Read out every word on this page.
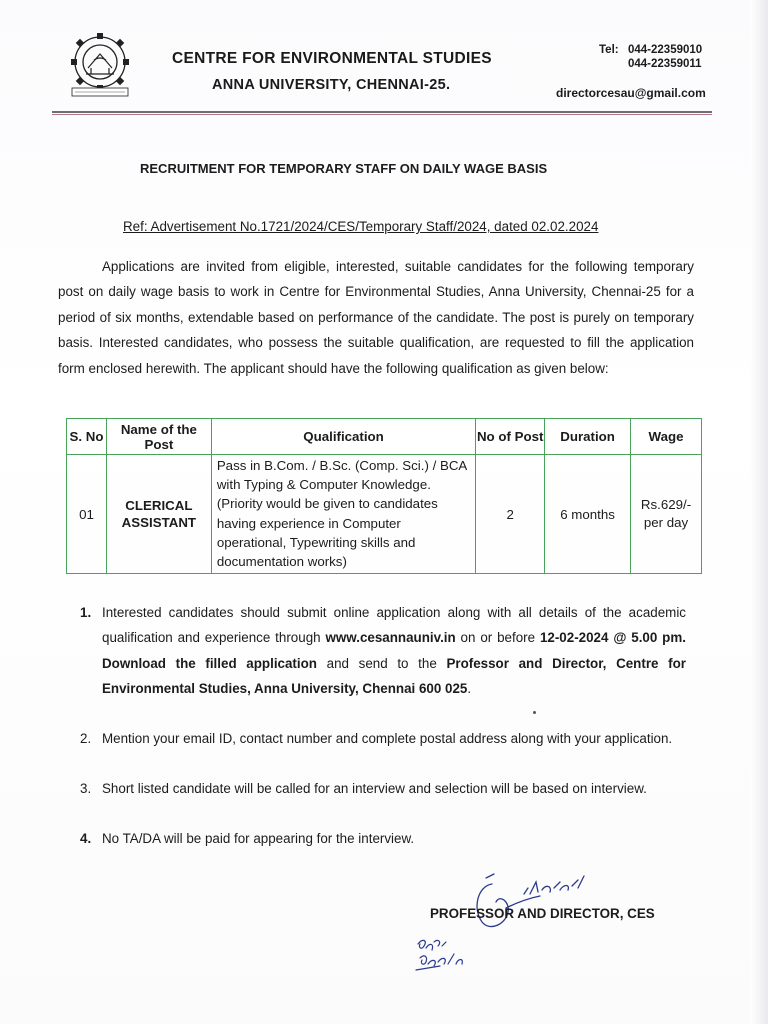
CENTRE FOR ENVIRONMENTAL STUDIES
ANNA UNIVERSITY, CHENNAI-25.
Tel: 044-22359010
044-22359011
directorcesau@gmail.com
RECRUITMENT FOR TEMPORARY STAFF ON DAILY WAGE BASIS
Ref: Advertisement No.1721/2024/CES/Temporary Staff/2024, dated 02.02.2024
Applications are invited from eligible, interested, suitable candidates for the following temporary post on daily wage basis to work in Centre for Environmental Studies, Anna University, Chennai-25 for a period of six months, extendable based on performance of the candidate. The post is purely on temporary basis. Interested candidates, who possess the suitable qualification, are requested to fill the application form enclosed herewith. The applicant should have the following qualification as given below:
S. No	Name of the Post	Qualification	No of Post	Duration	Wage
01	CLERICAL ASSISTANT	Pass in B.Com. / B.Sc. (Comp. Sci.) / BCA with Typing & Computer Knowledge.
(Priority would be given to candidates having experience in Computer operational, Typewriting skills and documentation works)	2	6 months	Rs.629/- per day
1. Interested candidates should submit online application along with all details of the academic qualification and experience through www.cesannauniv.in on or before 12-02-2024 @ 5.00 pm. Download the filled application and send to the Professor and Director, Centre for Environmental Studies, Anna University, Chennai 600 025.
2. Mention your email ID, contact number and complete postal address along with your application.
3. Short listed candidate will be called for an interview and selection will be based on interview.
4. No TA/DA will be paid for appearing for the interview.
PROFESSOR AND DIRECTOR, CES
